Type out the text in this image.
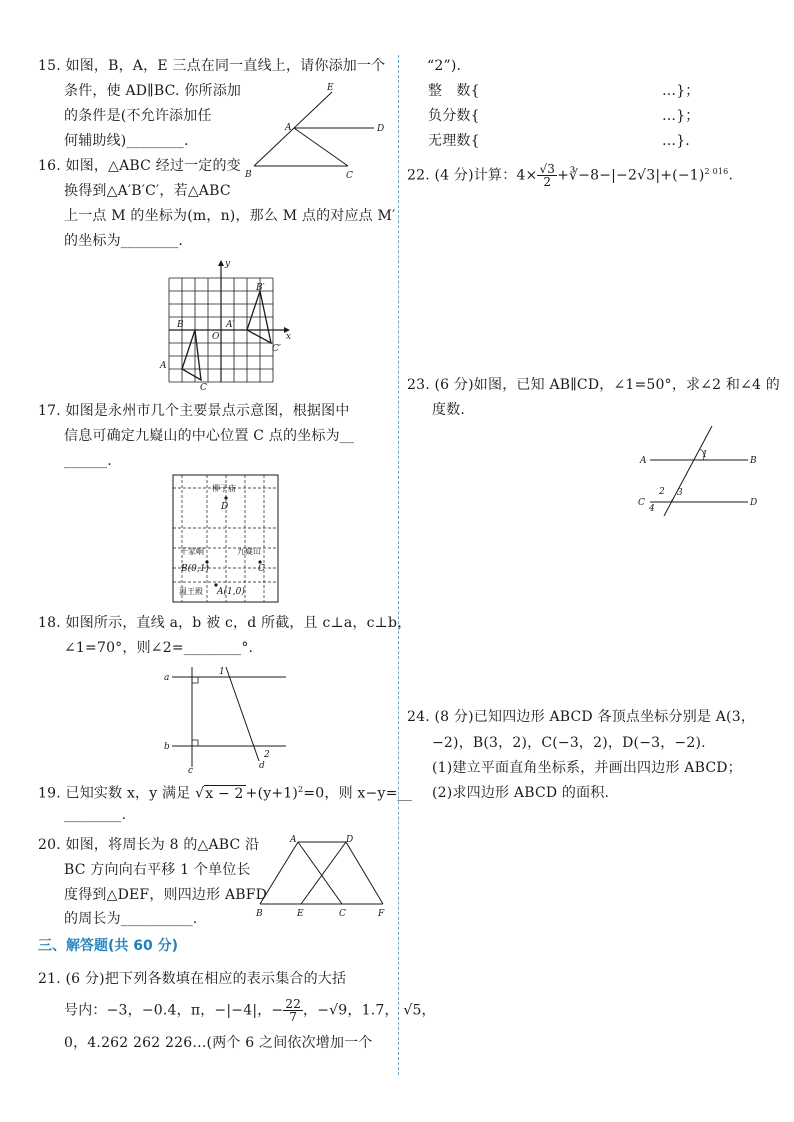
15. 如图，B，A，E 三点在同一直线上，请你添加一个
条件，使 AD∥BC. 你所添加
的条件是(不允许添加任
何辅助线)________.
E
A	D
B	C
16. 如图，△ABC 经过一定的变
换得到△A′B′C′，若△ABC
上一点 M 的坐标为(m，n)，那么 M 点的对应点 M′
的坐标为________.
y
x
O
B
A
C
B′
A′
C′
17. 如图是永州市几个主要景点示意图，根据图中
信息可确定九嶷山的中心位置 C 点的坐标为__
______.
柳子庙
D
千家峒	九嶷山
B(0,1)	C
温王殿 A(1,0)
18. 如图所示，直线 a，b 被 c，d 所截，且 c⊥a，c⊥b，
∠1=70°，则∠2=________°.
a
b
c	d
1
2
19. 已知实数 x，y 满足 $√x - 2 +(y+1)^2=0$，则 x−y=__
________.
20. 如图，将周长为 8 的△ABC 沿
BC 方向向右平移 1 个单位长
度得到△DEF，则四边形 ABFD
的周长为__________.
A	D
B	E	C	F
三、解答题(共 60 分)
21. (6 分)把下列各数填在相应的表示集合的大括
号内：−3，−0.4，π，−|−4|，− $\frac{22}{7}$ ，−√9，1.7， √5，
0，4.262 262 226…(两个 6 之间依次增加一个
“2”).
整　数{	…}；
负分数{	…}；
无理数{	…}.
22. (4 分)计算：$4\times \frac{√3}{2}$ $+∛-8-|-2√3|+(-1)^{2 016}$.
23. (6 分)如图，已知 AB∥CD，∠1=50°，求∠2 和∠4 的
度数.
A	B
C	D
1
2 3
4
24. (8 分)已知四边形 ABCD 各顶点坐标分别是 A(3，
−2)，B(3，2)，C(−3，2)，D(−3，−2).
(1)建立平面直角坐标系，并画出四边形 ABCD；
(2)求四边形 ABCD 的面积.
